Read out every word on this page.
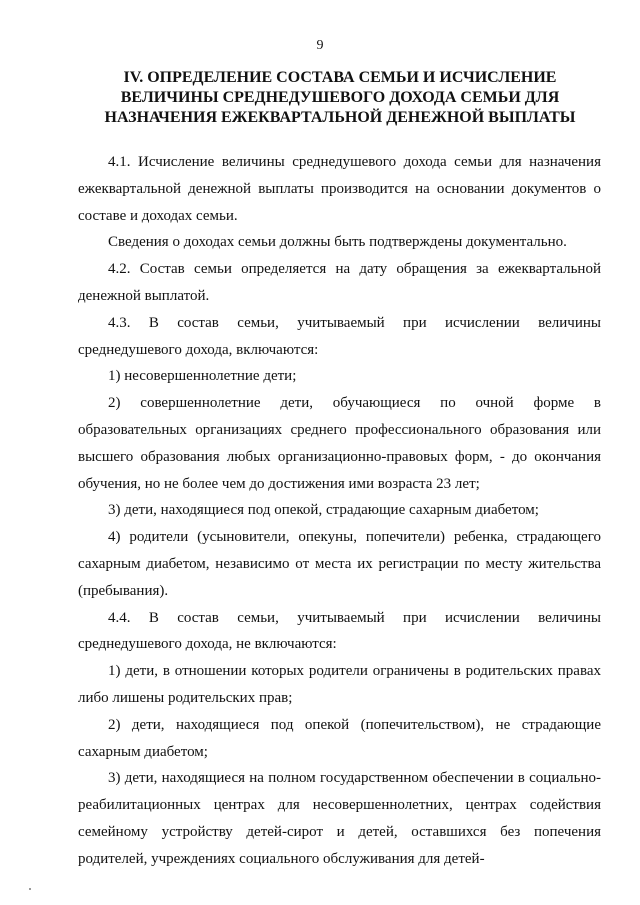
9
IV. ОПРЕДЕЛЕНИЕ СОСТАВА СЕМЬИ И ИСЧИСЛЕНИЕ
ВЕЛИЧИНЫ СРЕДНЕДУШЕВОГО ДОХОДА СЕМЬИ ДЛЯ
НАЗНАЧЕНИЯ ЕЖЕКВАРТАЛЬНОЙ ДЕНЕЖНОЙ ВЫПЛАТЫ

4.1. Исчисление величины среднедушевого дохода семьи для назначения ежеквартальной денежной выплаты производится на основании документов о составе и доходах семьи.

Сведения о доходах семьи должны быть подтверждены документально.

4.2. Состав семьи определяется на дату обращения за ежеквартальной денежной выплатой.

4.3. В состав семьи, учитываемый при исчислении величины среднедушевого дохода, включаются:

1) несовершеннолетние дети;

2) совершеннолетние дети, обучающиеся по очной форме в образовательных организациях среднего профессионального образования или высшего образования любых организационно-правовых форм, - до окончания обучения, но не более чем до достижения ими возраста 23 лет;

3) дети, находящиеся под опекой, страдающие сахарным диабетом;

4) родители (усыновители, опекуны, попечители) ребенка, страдающего сахарным диабетом, независимо от места их регистрации по месту жительства (пребывания).

4.4. В состав семьи, учитываемый при исчислении величины среднедушевого дохода, не включаются:

1) дети, в отношении которых родители ограничены в родительских правах либо лишены родительских прав;

2) дети, находящиеся под опекой (попечительством), не страдающие сахарным диабетом;

3) дети, находящиеся на полном государственном обеспечении в социально-реабилитационных центрах для несовершеннолетних, центрах содействия семейному устройству детей-сирот и детей, оставшихся без попечения родителей, учреждениях социального обслуживания для детей-
